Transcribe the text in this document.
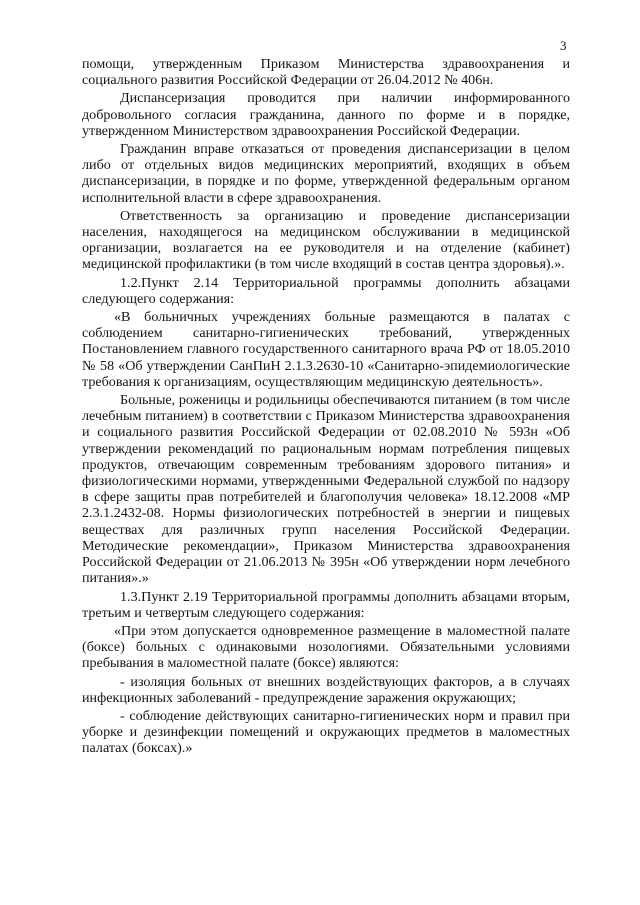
3

помощи, утвержденным Приказом Министерства здравоохранения и социального развития Российской Федерации от 26.04.2012 № 406н.

Диспансеризация проводится при наличии информированного добровольного согласия гражданина, данного по форме и в порядке, утвержденном Министерством здравоохранения Российской Федерации.

Гражданин вправе отказаться от проведения диспансеризации в целом либо от отдельных видов медицинских мероприятий, входящих в объем диспансеризации, в порядке и по форме, утвержденной федеральным органом исполнительной власти в сфере здравоохранения.

Ответственность за организацию и проведение диспансеризации населения, находящегося на медицинском обслуживании в медицинской организации, возлагается на ее руководителя и на отделение (кабинет) медицинской профилактики (в том числе входящий в состав центра здоровья).».

1.2.Пункт 2.14 Территориальной программы дополнить абзацами следующего содержания:

«В больничных учреждениях больные размещаются в палатах с соблюдением санитарно-гигиенических требований, утвержденных Постановлением главного государственного санитарного врача РФ от 18.05.2010 № 58 «Об утверждении СанПиН 2.1.3.2630-10 «Санитарно-эпидемиологические требования к организациям, осуществляющим медицинскую деятельность».

Больные, роженицы и родильницы обеспечиваются питанием (в том числе лечебным питанием) в соответствии с Приказом Министерства здравоохранения и социального развития Российской Федерации от 02.08.2010 № 593н «Об утверждении рекомендаций по рациональным нормам потребления пищевых продуктов, отвечающим современным требованиям здорового питания» и физиологическими нормами, утвержденными Федеральной службой по надзору в сфере защиты прав потребителей и благополучия человека» 18.12.2008 «МР 2.3.1.2432-08. Нормы физиологических потребностей в энергии и пищевых веществах для различных групп населения Российской Федерации. Методические рекомендации», Приказом Министерства здравоохранения Российской Федерации от 21.06.2013 № 395н «Об утверждении норм лечебного питания».»

1.3.Пункт 2.19 Территориальной программы дополнить абзацами вторым, третьим и четвертым следующего содержания:

«При этом допускается одновременное размещение в маломестной палате (боксе) больных с одинаковыми нозологиями. Обязательными условиями пребывания в маломестной палате (боксе) являются:

- изоляция больных от внешних воздействующих факторов, а в случаях инфекционных заболеваний - предупреждение заражения окружающих;

- соблюдение действующих санитарно-гигиенических норм и правил при уборке и дезинфекции помещений и окружающих предметов в маломестных палатах (боксах).»
